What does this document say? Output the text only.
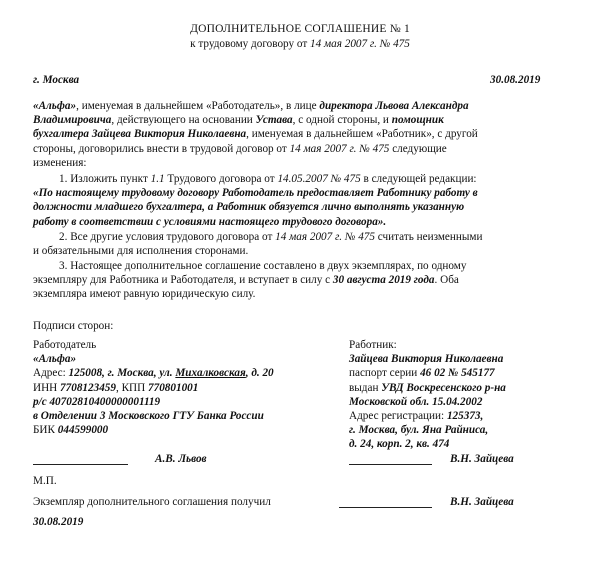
ДОПОЛНИТЕЛЬНОЕ СОГЛАШЕНИЕ № 1
к трудовому договору от 14 мая 2007 г. № 475
г. Москва	30.08.2019
«Альфа», именуемая в дальнейшем «Работодатель», в лице директора Львова Александра
Владимировича, действующего на основании Устава, с одной стороны, и помощник
бухгалтера Зайцева Виктория Николаевна, именуемая в дальнейшем «Работник», с другой
стороны, договорились внести в трудовой договор от 14 мая 2007 г. № 475 следующие
изменения:
1. Изложить пункт 1.1 Трудового договора от 14.05.2007 № 475 в следующей редакции:
«По настоящему трудовому договору Работодатель предоставляет Работнику работу в
должности младшего бухгалтера, а Работник обязуется лично выполнять указанную
работу в соответствии с условиями настоящего трудового договора».
2. Все другие условия трудового договора от 14 мая 2007 г. № 475 считать неизменными
и обязательными для исполнения сторонами.
3. Настоящее дополнительное соглашение составлено в двух экземплярах, по одному
экземпляру для Работника и Работодателя, и вступает в силу с 30 августа 2019 года. Оба
экземпляра имеют равную юридическую силу.
Подписи сторон:
Работодатель
«Альфа»
Адрес: 125008, г. Москва, ул. Михалковская, д. 20
ИНН 7708123459, КПП 770801001
р/с 40702810400000001119
в Отделении 3 Московского ГТУ Банка России
БИК 044599000
Работник:
Зайцева Виктория Николаевна
паспорт серии 46 02 № 545177
выдан УВД Воскресенского р-на
Московской обл. 15.04.2002
Адрес регистрации: 125373,
г. Москва, бул. Яна Райниса,
д. 24, корп. 2, кв. 474
А.В. Львов	В.Н. Зайцева
М.П.
Экземпляр дополнительного соглашения получил	В.Н. Зайцева
30.08.2019
